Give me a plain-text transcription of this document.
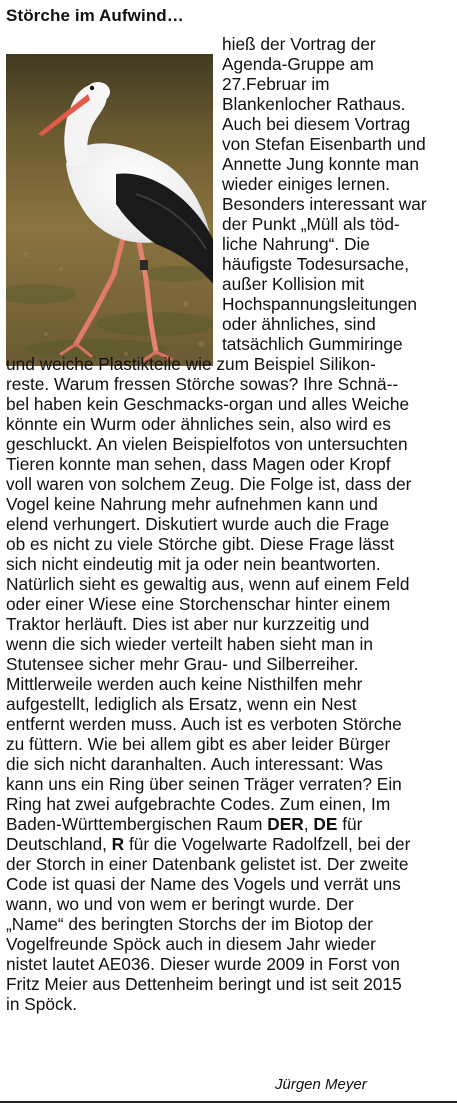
Störche im Aufwind…

hieß der Vortrag der

Agenda-Gruppe am

27.Februar im

Blankenlocher Rathaus.

Auch bei diesem Vortrag

von Stefan Eisenbarth und

Annette Jung konnte man

wieder einiges lernen.

Besonders interessant war

der Punkt „Müll als töd-

liche Nahrung“. Die

häufigste Todesursache,

außer Kollision mit

Hochspannungsleitungen

oder ähnliches, sind

tatsächlich Gummiringe

und weiche Plastikteile wie zum Beispiel Silikon-

reste. Warum fressen Störche sowas? Ihre Schnä--

bel haben kein Geschmacks-organ und alles Weiche

könnte ein Wurm oder ähnliches sein, also wird es

geschluckt. An vielen Beispielfotos von untersuchten

Tieren konnte man sehen, dass Magen oder Kropf

voll waren von solchem Zeug. Die Folge ist, dass der

Vogel keine Nahrung mehr aufnehmen kann und

elend verhungert. Diskutiert wurde auch die Frage

ob es nicht zu viele Störche gibt. Diese Frage lässt

sich nicht eindeutig mit ja oder nein beantworten.

Natürlich sieht es gewaltig aus, wenn auf einem Feld

oder einer Wiese eine Storchenschar hinter einem

Traktor herläuft. Dies ist aber nur kurzzeitig und

wenn die sich wieder verteilt haben sieht man in

Stutensee sicher mehr Grau- und Silberreiher.

Mittlerweile werden auch keine Nisthilfen mehr

aufgestellt, lediglich als Ersatz, wenn ein Nest

entfernt werden muss. Auch ist es verboten Störche

zu füttern. Wie bei allem gibt es aber leider Bürger

die sich nicht daranhalten. Auch interessant: Was

kann uns ein Ring über seinen Träger verraten? Ein

Ring hat zwei aufgebrachte Codes. Zum einen, Im

Baden-Württembergischen Raum DER, DE für

Deutschland, R für die Vogelwarte Radolfzell, bei der

der Storch in einer Datenbank gelistet ist. Der zweite

Code ist quasi der Name des Vogels und verrät uns

wann, wo und von wem er beringt wurde. Der

„Name“ des beringten Storchs der im Biotop der

Vogelfreunde Spöck auch in diesem Jahr wieder

nistet lautet AE036. Dieser wurde 2009 in Forst von

Fritz Meier aus Dettenheim beringt und ist seit 2015

in Spöck.

Jürgen Meyer
